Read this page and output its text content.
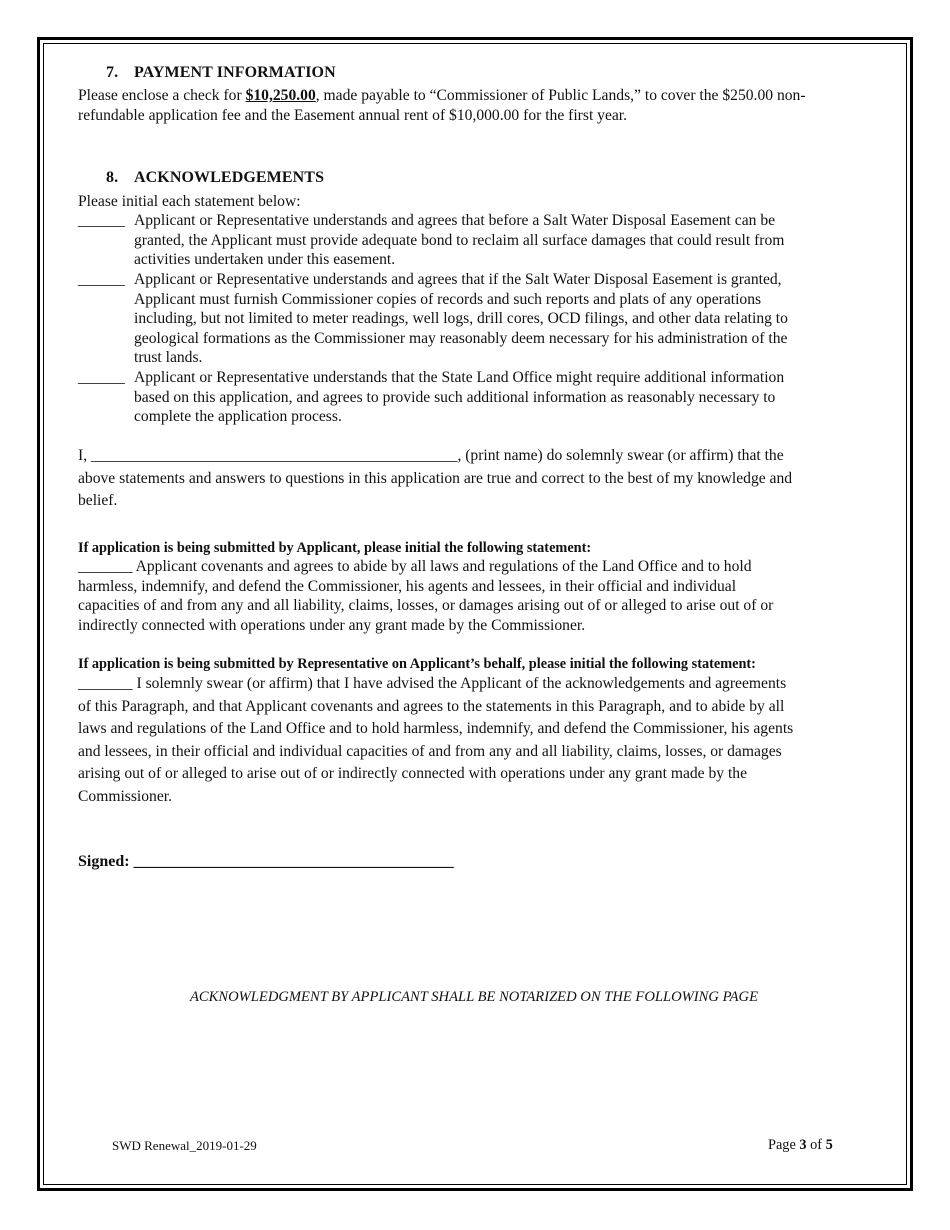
7. PAYMENT INFORMATION
Please enclose a check for $10,250.00, made payable to “Commissioner of Public Lands,” to cover the $250.00 non-
refundable application fee and the Easement annual rent of $10,000.00 for the first year.
8. ACKNOWLEDGEMENTS
Please initial each statement below:
______ Applicant or Representative understands and agrees that before a Salt Water Disposal Easement can be
granted, the Applicant must provide adequate bond to reclaim all surface damages that could result from
activities undertaken under this easement.
______ Applicant or Representative understands and agrees that if the Salt Water Disposal Easement is granted,
Applicant must furnish Commissioner copies of records and such reports and plats of any operations
including, but not limited to meter readings, well logs, drill cores, OCD filings, and other data relating to
geological formations as the Commissioner may reasonably deem necessary for his administration of the
trust lands.
______ Applicant or Representative understands that the State Land Office might require additional information
based on this application, and agrees to provide such additional information as reasonably necessary to
complete the application process.
I, _______________________________________________, (print name) do solemnly swear (or affirm) that the
above statements and answers to questions in this application are true and correct to the best of my knowledge and
belief.
If application is being submitted by Applicant, please initial the following statement:
_______ Applicant covenants and agrees to abide by all laws and regulations of the Land Office and to hold
harmless, indemnify, and defend the Commissioner, his agents and lessees, in their official and individual
capacities of and from any and all liability, claims, losses, or damages arising out of or alleged to arise out of or
indirectly connected with operations under any grant made by the Commissioner.
If application is being submitted by Representative on Applicant’s behalf, please initial the following statement:
_______ I solemnly swear (or affirm) that I have advised the Applicant of the acknowledgements and agreements
of this Paragraph, and that Applicant covenants and agrees to the statements in this Paragraph, and to abide by all
laws and regulations of the Land Office and to hold harmless, indemnify, and defend the Commissioner, his agents
and lessees, in their official and individual capacities of and from any and all liability, claims, losses, or damages
arising out of or alleged to arise out of or indirectly connected with operations under any grant made by the
Commissioner.
Signed: ________________________________________
ACKNOWLEDGMENT BY APPLICANT SHALL BE NOTARIZED ON THE FOLLOWING PAGE
SWD Renewal_2019-01-29	Page 3 of 5
